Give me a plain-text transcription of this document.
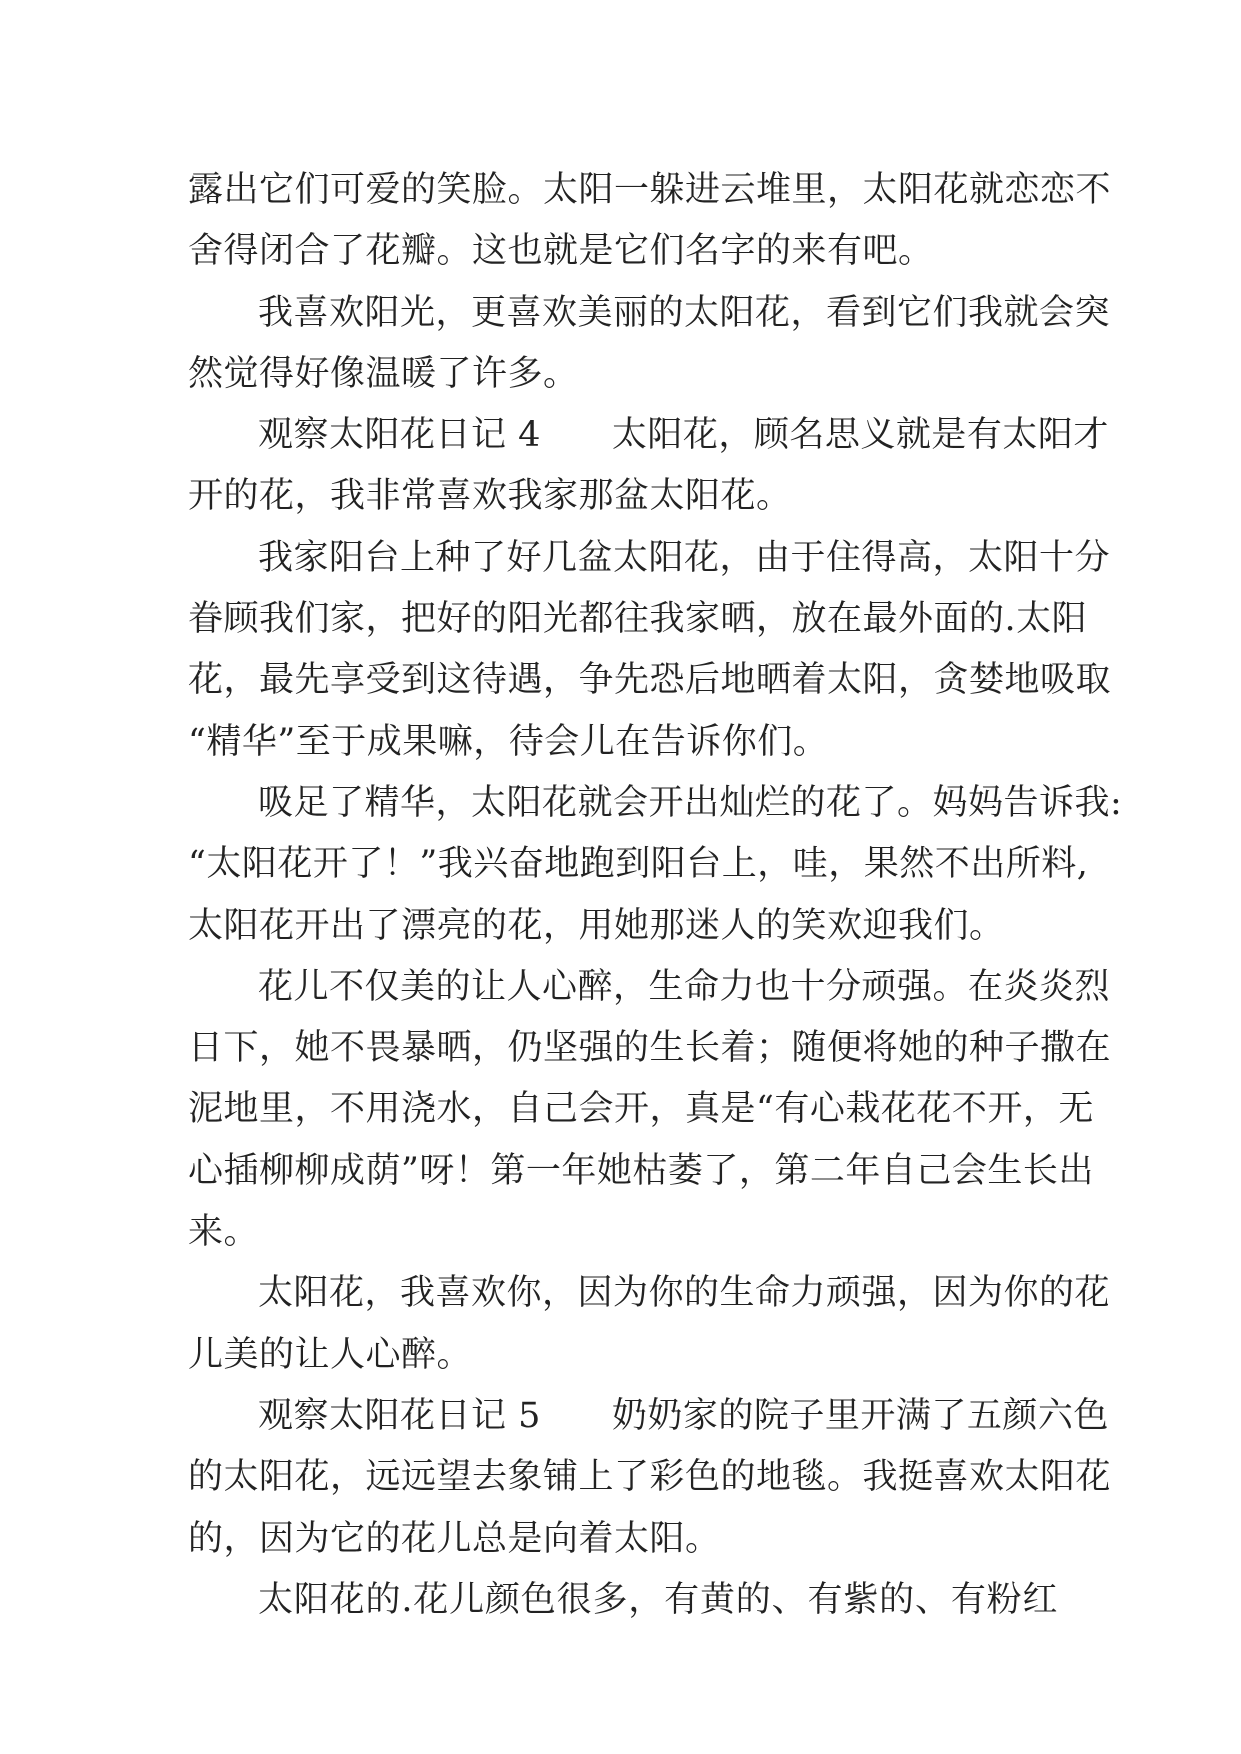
露出它们可爱的笑脸。太阳一躲进云堆里，太阳花就恋恋不
舍得闭合了花瓣。这也就是它们名字的来有吧。
我喜欢阳光，更喜欢美丽的太阳花，看到它们我就会突
然觉得好像温暖了许多。
观察太阳花日记 4　　太阳花，顾名思义就是有太阳才
开的花，我非常喜欢我家那盆太阳花。
我家阳台上种了好几盆太阳花，由于住得高，太阳十分
眷顾我们家，把好的阳光都往我家晒，放在最外面的.太阳
花，最先享受到这待遇，争先恐后地晒着太阳，贪婪地吸取
“精华”至于成果嘛，待会儿在告诉你们。
吸足了精华，太阳花就会开出灿烂的花了。妈妈告诉我:
“太阳花开了！”我兴奋地跑到阳台上，哇，果然不出所料,
太阳花开出了漂亮的花，用她那迷人的笑欢迎我们。
花儿不仅美的让人心醉，生命力也十分顽强。在炎炎烈
日下，她不畏暴晒，仍坚强的生长着；随便将她的种子撒在
泥地里，不用浇水，自己会开，真是“有心栽花花不开，无
心插柳柳成荫”呀！第一年她枯萎了，第二年自己会生长出
来。
太阳花，我喜欢你，因为你的生命力顽强，因为你的花
儿美的让人心醉。
观察太阳花日记 5　　奶奶家的院子里开满了五颜六色
的太阳花，远远望去象铺上了彩色的地毯。我挺喜欢太阳花
的，因为它的花儿总是向着太阳。
太阳花的.花儿颜色很多，有黄的、有紫的、有粉红
